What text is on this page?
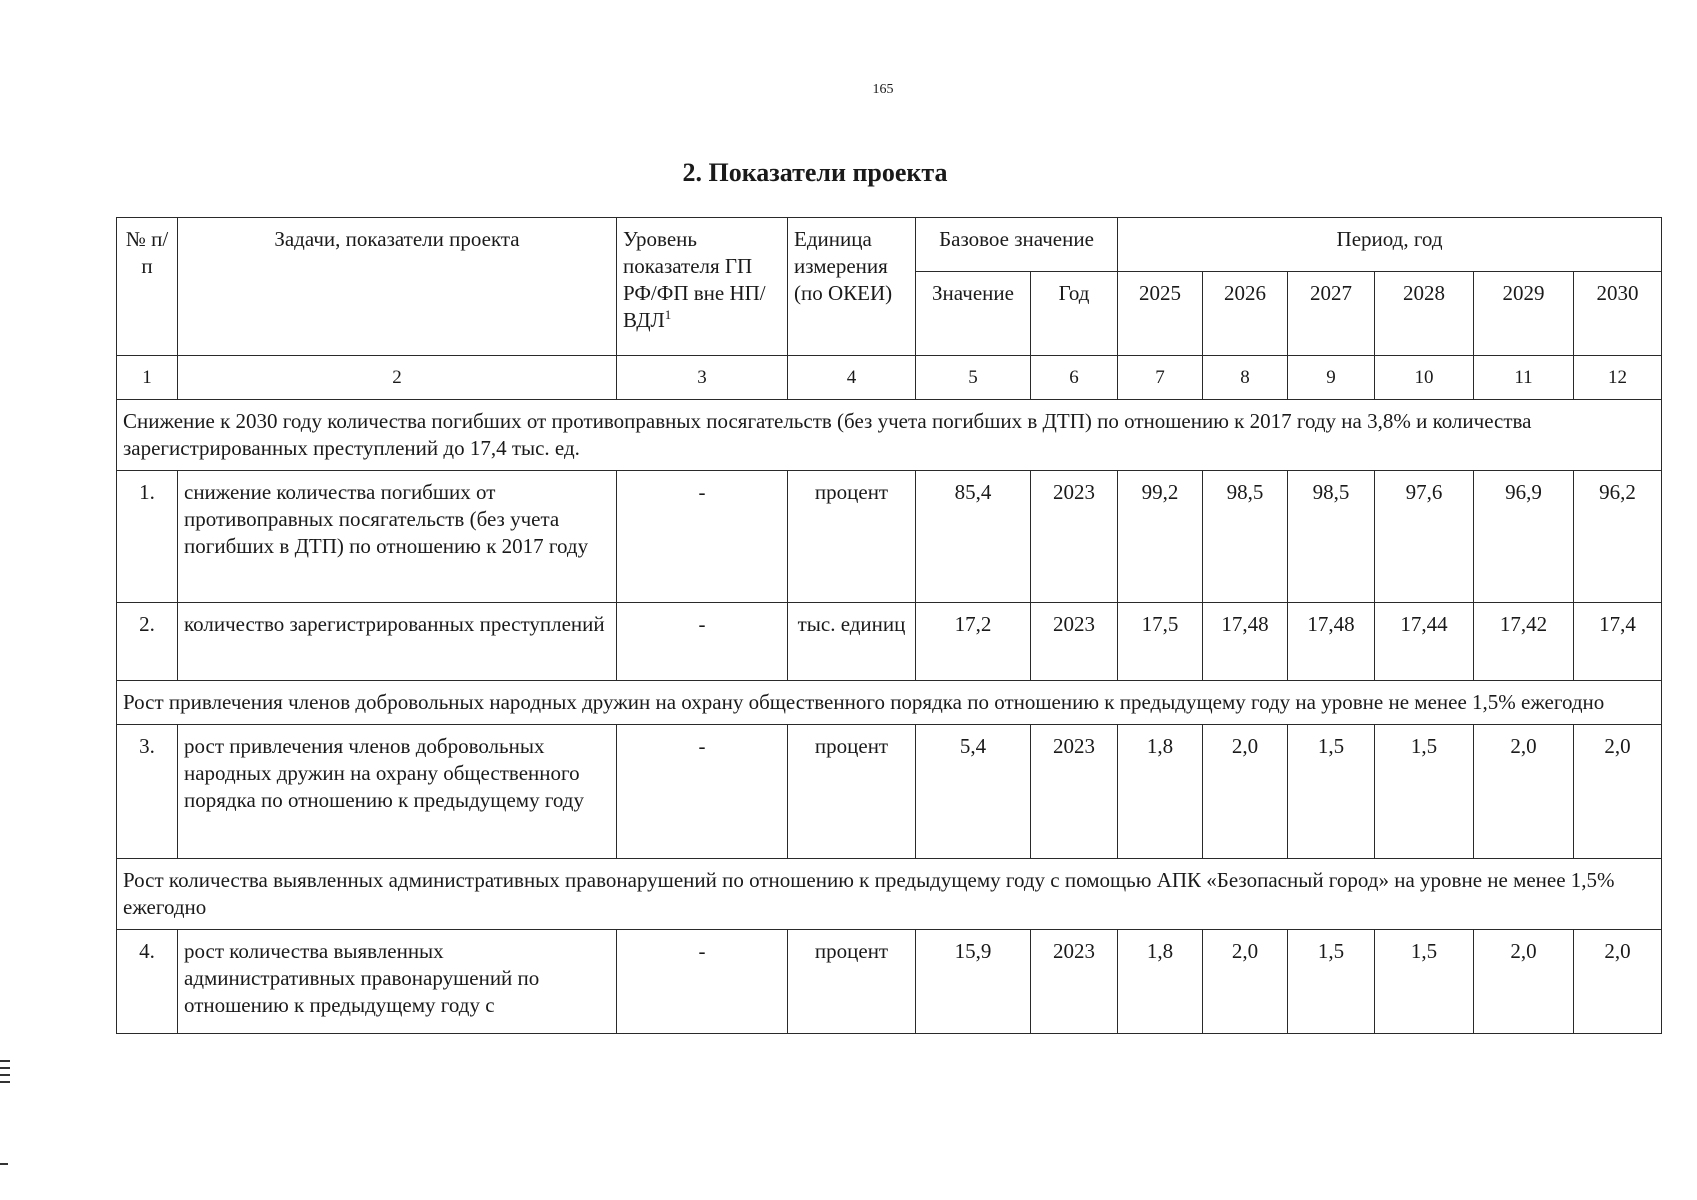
165
2. Показатели проекта
№ п/п	Задачи, показатели проекта	Уровень показателя ГП РФ/ФП вне НП/ВДЛ$^1$	Единица измерения (по ОКЕИ)	Базовое значение		Период, год					
				Значение	Год	2025	2026	2027	2028	2029	2030
1	2	3	4	5	6	7	8	9	10	11	12
Снижение к 2030 году количества погибших от противоправных посягательств (без учета погибших в ДТП) по отношению к 2017 году на 3,8% и количества зарегистрированных преступлений до 17,4 тыс. ед.											
1.	снижение количества погибших от противоправных посягательств (без учета погибших в ДТП) по отношению к 2017 году	-	процент	85,4	2023	99,2	98,5	98,5	97,6	96,9	96,2
2.	количество зарегистрированных преступлений	-	тыс. единиц	17,2	2023	17,5	17,48	17,48	17,44	17,42	17,4
Рост привлечения членов добровольных народных дружин на охрану общественного порядка по отношению к предыдущему году на уровне не менее 1,5% ежегодно											
3.	рост привлечения членов добровольных народных дружин на охрану общественного порядка по отношению к предыдущему году	-	процент	5,4	2023	1,8	2,0	1,5	1,5	2,0	2,0
Рост количества выявленных административных правонарушений по отношению к предыдущему году с помощью АПК «Безопасный город» на уровне не менее 1,5% ежегодно											
4.	рост количества выявленных административных правонарушений по отношению к предыдущему году с	-	процент	15,9	2023	1,8	2,0	1,5	1,5	2,0	2,0
